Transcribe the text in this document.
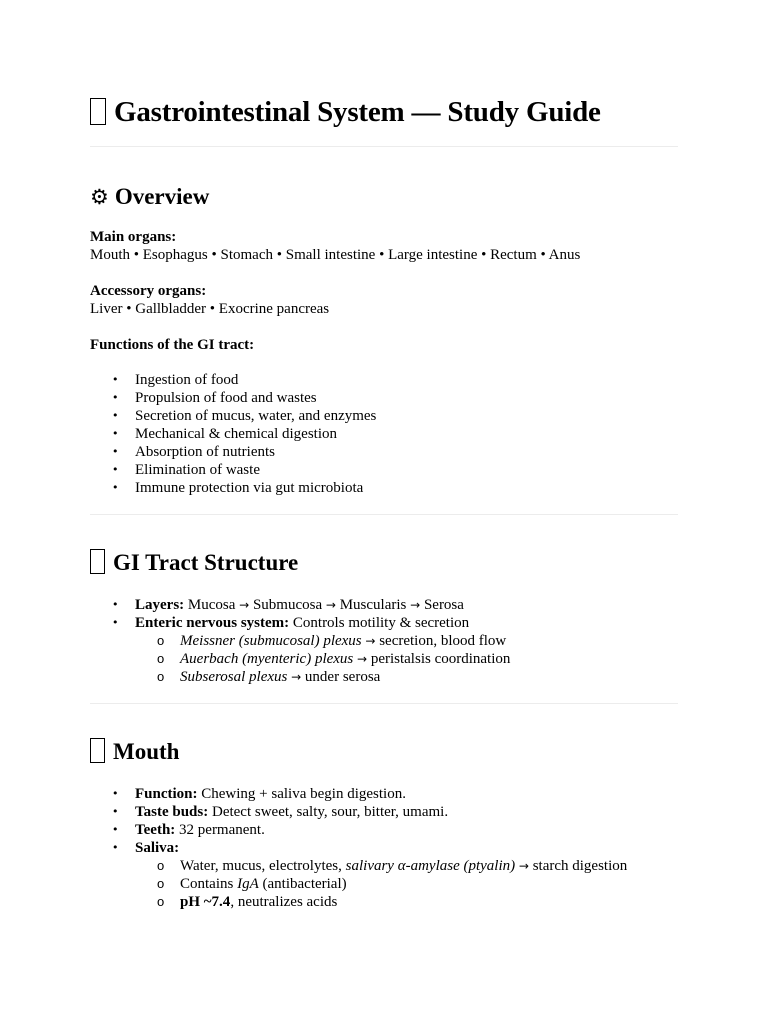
Gastrointestinal System — Study Guide
⚙ Overview
Main organs:
Mouth • Esophagus • Stomach • Small intestine • Large intestine • Rectum • Anus
Accessory organs:
Liver • Gallbladder • Exocrine pancreas
Functions of the GI tract:
• Ingestion of food
• Propulsion of food and wastes
• Secretion of mucus, water, and enzymes
• Mechanical & chemical digestion
• Absorption of nutrients
• Elimination of waste
• Immune protection via gut microbiota
GI Tract Structure
• Layers: Mucosa → Submucosa → Muscularis → Serosa
• Enteric nervous system: Controls motility & secretion
o Meissner (submucosal) plexus → secretion, blood flow
o Auerbach (myenteric) plexus → peristalsis coordination
o Subserosal plexus → under serosa
Mouth
• Function: Chewing + saliva begin digestion.
• Taste buds: Detect sweet, salty, sour, bitter, umami.
• Teeth: 32 permanent.
• Saliva:
o Water, mucus, electrolytes, salivary α-amylase (ptyalin) → starch digestion
o Contains IgA (antibacterial)
o pH ~7.4, neutralizes acids
